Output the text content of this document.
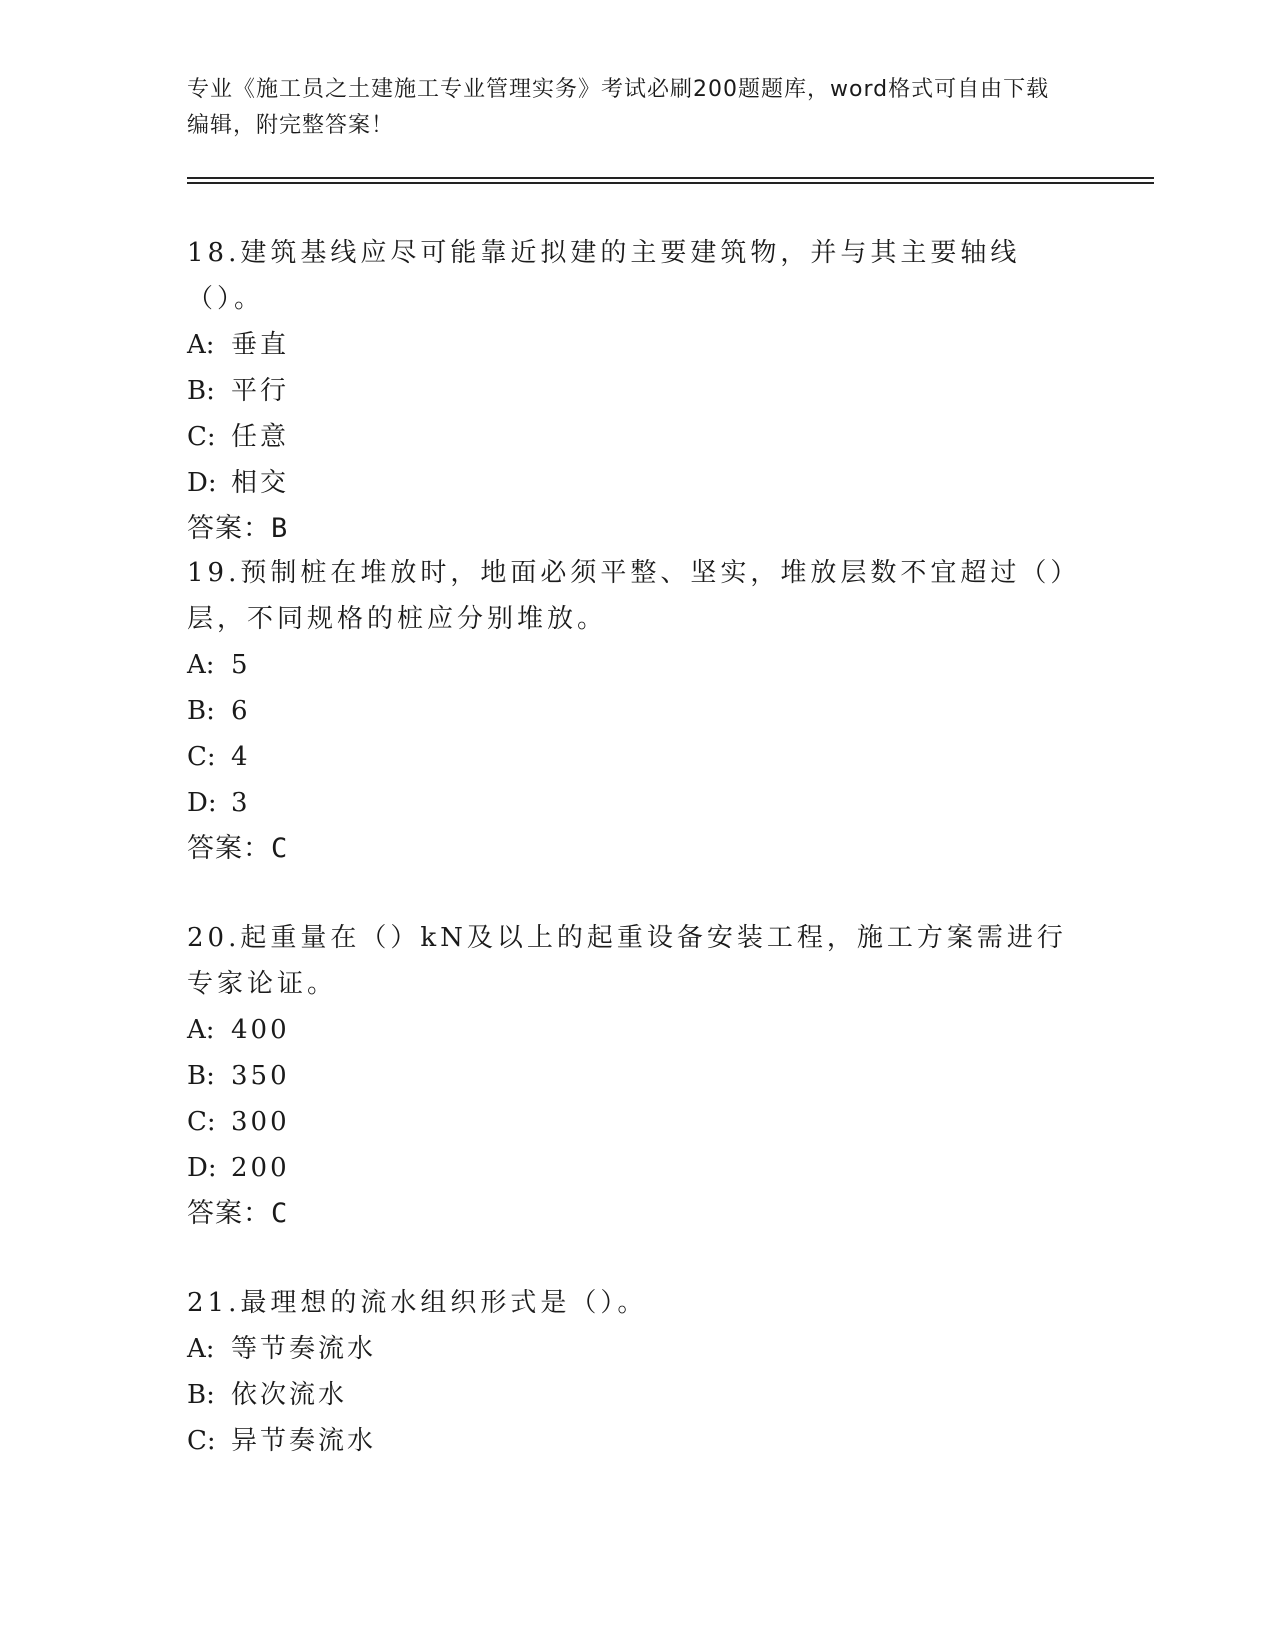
专业《施工员之土建施工专业管理实务》考试必刷200题题库，word格式可自由下载编辑，附完整答案！

18.建筑基线应尽可能靠近拟建的主要建筑物，并与其主要轴线（）。

A: 垂直

B: 平行

C: 任意

D: 相交

答案：B

19.预制桩在堆放时，地面必须平整、坚实，堆放层数不宜超过（）层，不同规格的桩应分别堆放。

A: 5

B: 6

C: 4

D: 3

答案：C

20.起重量在（）kN及以上的起重设备安装工程，施工方案需进行专家论证。

A: 400

B: 350

C: 300

D: 200

答案：C

21.最理想的流水组织形式是（）。

A: 等节奏流水

B: 依次流水

C: 异节奏流水
